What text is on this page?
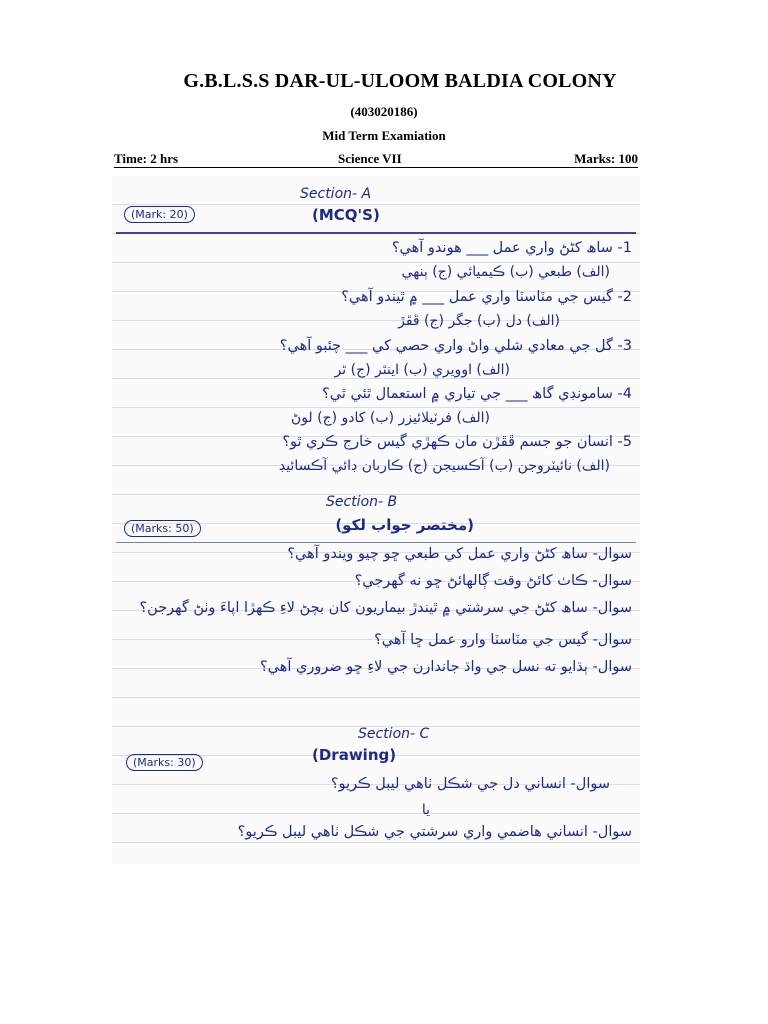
G.B.L.S.S DAR-UL-ULOOM BALDIA COLONY
(403020186)
Mid Term Examiation
Time: 2 hrs	Science VII	Marks: 100
Section- A
(MCQ'S)
(Mark: 20)
1- ساھ کڻڻ واري عمل ___ ھوندو آھي؟
(الف) طبعي (ب) ڪيميائي (ج) ٻنهي
2- گيس جي مٽاسٽا واري عمل ___ ۾ ٿيندو آھي؟
(الف) دل (ب) جگر (ج) ڦڦڙ
3- گل جي معادي شلي واڻ واري حصي کي ___ چئبو آھي؟
(الف) اوويري (ب) اينٿر (ج) ٿر
4- سامونڊي گاھ ___ جي تياري ۾ استعمال ٿئي ٿي؟
(الف) فرٽيلائيزر (ب) کادو (ج) لوڻ
5- انسان جو جسم ڦڦڙن مان ڪهڙي گيس خارج ڪري ٿو؟
(الف) نائيٽروجن (ب) آڪسيجن (ج) ڪاربان ڊائي آڪسائيڊ
Section- B
(مختصر جواب لکو)
(Marks: 50)
سوال- ساھ کڻڻ واري عمل کي طبعي ڇو چيو ويندو آھي؟
سوال- ڪاٺ کائڻ وقت ڳالهائڻ ڇو نه گهرجي؟
سوال- ساھ کڻڻ جي سرشتي ۾ ٿيندڙ بيماريون کان بچڻ لاءِ ڪهڙا اپاءَ وٺڻ گهرجن؟
سوال- گيس جي مٽاسٽا وارو عمل ڇا آھي؟
سوال- ٻڌايو ته نسل جي واڌ جاندارن جي لاءِ ڇو ضروري آھي؟
Section- C
(Drawing)
(Marks: 30)
سوال- انساني دل جي شڪل ٺاهي ليبل ڪريو؟
يا
سوال- انساني هاضمي واري سرشتي جي شڪل ٺاهي ليبل ڪريو؟
